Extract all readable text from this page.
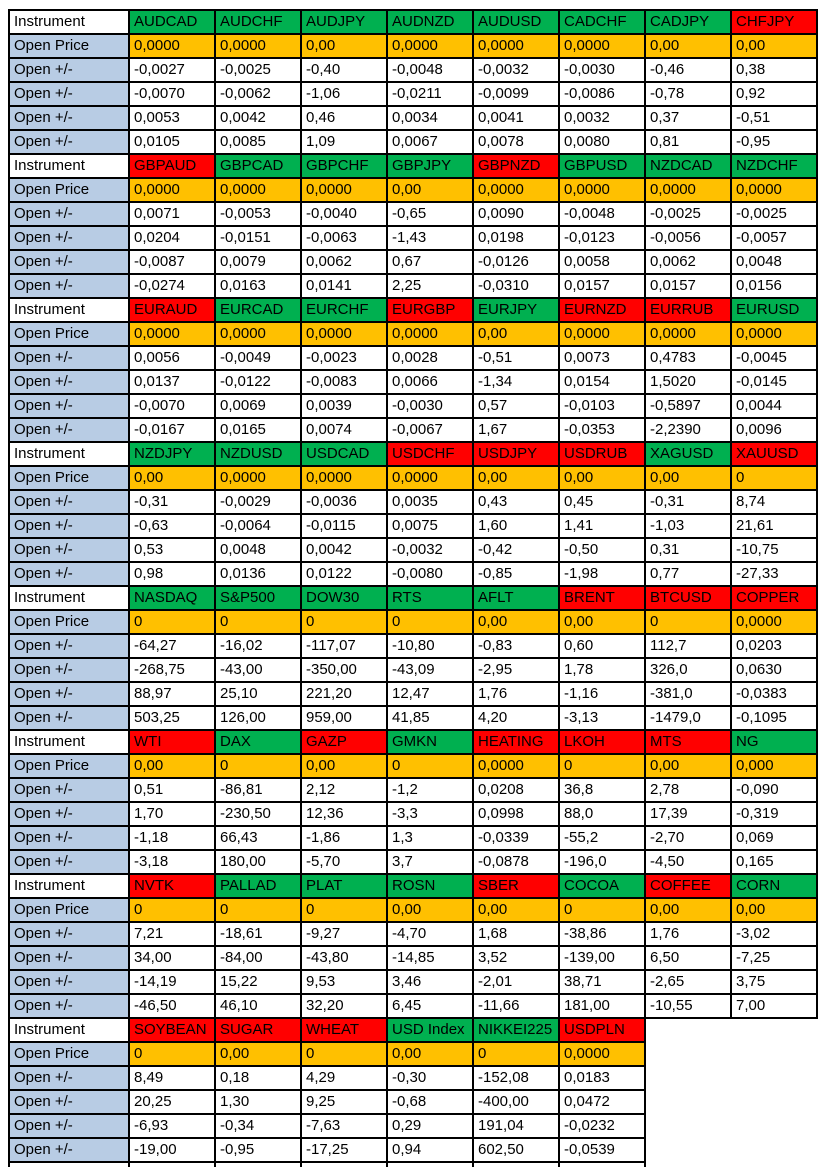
Instrument	AUDCAD	AUDCHF	AUDJPY	AUDNZD	AUDUSD	CADCHF	CADJPY	CHFJPY
Open Price	0,0000	0,0000	0,00	0,0000	0,0000	0,0000	0,00	0,00
Open +/-	-0,0027	-0,0025	-0,40	-0,0048	-0,0032	-0,0030	-0,46	0,38
Open +/-	-0,0070	-0,0062	-1,06	-0,0211	-0,0099	-0,0086	-0,78	0,92
Open +/-	0,0053	0,0042	0,46	0,0034	0,0041	0,0032	0,37	-0,51
Open +/-	0,0105	0,0085	1,09	0,0067	0,0078	0,0080	0,81	-0,95
Instrument	GBPAUD	GBPCAD	GBPCHF	GBPJPY	GBPNZD	GBPUSD	NZDCAD	NZDCHF
Open Price	0,0000	0,0000	0,0000	0,00	0,0000	0,0000	0,0000	0,0000
Open +/-	0,0071	-0,0053	-0,0040	-0,65	0,0090	-0,0048	-0,0025	-0,0025
Open +/-	0,0204	-0,0151	-0,0063	-1,43	0,0198	-0,0123	-0,0056	-0,0057
Open +/-	-0,0087	0,0079	0,0062	0,67	-0,0126	0,0058	0,0062	0,0048
Open +/-	-0,0274	0,0163	0,0141	2,25	-0,0310	0,0157	0,0157	0,0156
Instrument	EURAUD	EURCAD	EURCHF	EURGBP	EURJPY	EURNZD	EURRUB	EURUSD
Open Price	0,0000	0,0000	0,0000	0,0000	0,00	0,0000	0,0000	0,0000
Open +/-	0,0056	-0,0049	-0,0023	0,0028	-0,51	0,0073	0,4783	-0,0045
Open +/-	0,0137	-0,0122	-0,0083	0,0066	-1,34	0,0154	1,5020	-0,0145
Open +/-	-0,0070	0,0069	0,0039	-0,0030	0,57	-0,0103	-0,5897	0,0044
Open +/-	-0,0167	0,0165	0,0074	-0,0067	1,67	-0,0353	-2,2390	0,0096
Instrument	NZDJPY	NZDUSD	USDCAD	USDCHF	USDJPY	USDRUB	XAGUSD	XAUUSD
Open Price	0,00	0,0000	0,0000	0,0000	0,00	0,00	0,00	0
Open +/-	-0,31	-0,0029	-0,0036	0,0035	0,43	0,45	-0,31	8,74
Open +/-	-0,63	-0,0064	-0,0115	0,0075	1,60	1,41	-1,03	21,61
Open +/-	0,53	0,0048	0,0042	-0,0032	-0,42	-0,50	0,31	-10,75
Open +/-	0,98	0,0136	0,0122	-0,0080	-0,85	-1,98	0,77	-27,33
Instrument	NASDAQ	S&P500	DOW30	RTS	AFLT	BRENT	BTCUSD	COPPER
Open Price	0	0	0	0	0,00	0,00	0	0,0000
Open +/-	-64,27	-16,02	-117,07	-10,80	-0,83	0,60	112,7	0,0203
Open +/-	-268,75	-43,00	-350,00	-43,09	-2,95	1,78	326,0	0,0630
Open +/-	88,97	25,10	221,20	12,47	1,76	-1,16	-381,0	-0,0383
Open +/-	503,25	126,00	959,00	41,85	4,20	-3,13	-1479,0	-0,1095
Instrument	WTI	DAX	GAZP	GMKN	HEATING	LKOH	MTS	NG
Open Price	0,00	0	0,00	0	0,0000	0	0,00	0,000
Open +/-	0,51	-86,81	2,12	-1,2	0,0208	36,8	2,78	-0,090
Open +/-	1,70	-230,50	12,36	-3,3	0,0998	88,0	17,39	-0,319
Open +/-	-1,18	66,43	-1,86	1,3	-0,0339	-55,2	-2,70	0,069
Open +/-	-3,18	180,00	-5,70	3,7	-0,0878	-196,0	-4,50	0,165
Instrument	NVTK	PALLAD	PLAT	ROSN	SBER	COCOA	COFFEE	CORN
Open Price	0	0	0	0,00	0,00	0	0,00	0,00
Open +/-	7,21	-18,61	-9,27	-4,70	1,68	-38,86	1,76	-3,02
Open +/-	34,00	-84,00	-43,80	-14,85	3,52	-139,00	6,50	-7,25
Open +/-	-14,19	15,22	9,53	3,46	-2,01	38,71	-2,65	3,75
Open +/-	-46,50	46,10	32,20	6,45	-11,66	181,00	-10,55	7,00
Instrument	SOYBEAN	SUGAR	WHEAT	USD Index	NIKKEI225	USDPLN		
Open Price	0	0,00	0	0,00	0	0,0000		
Open +/-	8,49	0,18	4,29	-0,30	-152,08	0,0183		
Open +/-	20,25	1,30	9,25	-0,68	-400,00	0,0472		
Open +/-	-6,93	-0,34	-7,63	0,29	191,04	-0,0232		
Open +/-	-19,00	-0,95	-17,25	0,94	602,50	-0,0539		
